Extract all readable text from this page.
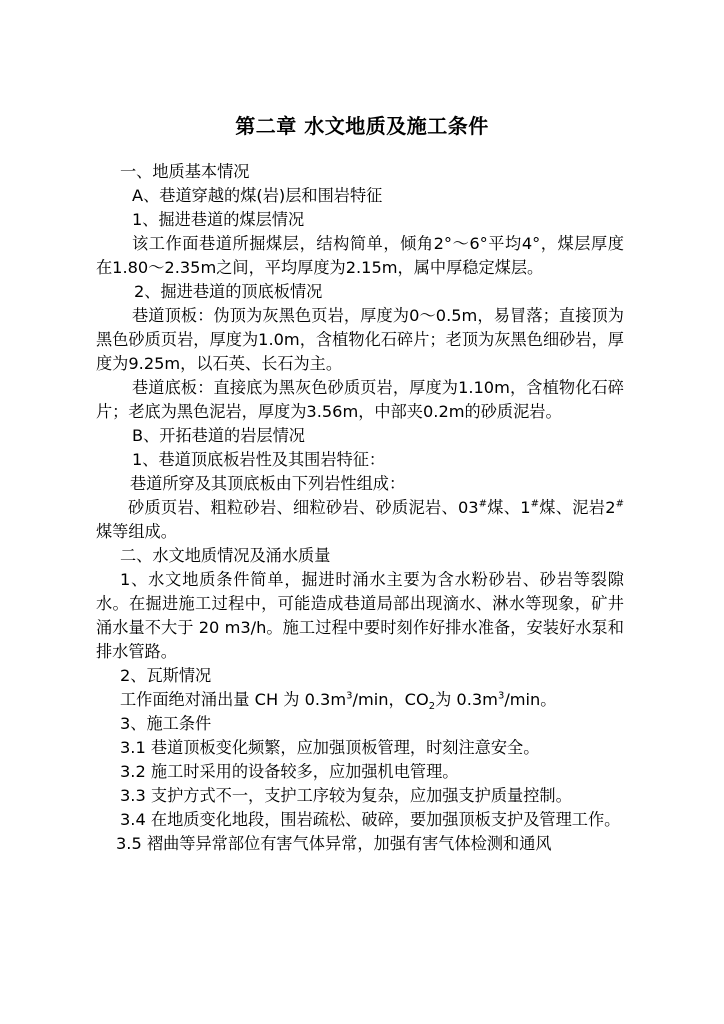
第二章 水文地质及施工条件

一、地质基本情况

A、巷道穿越的煤(岩)层和围岩特征

1、掘进巷道的煤层情况

该工作面巷道所掘煤层，结构简单，倾角2°～6°平均4°，煤层厚度在1.80～2.35m之间，平均厚度为2.15m，属中厚稳定煤层。

2、掘进巷道的顶底板情况

巷道顶板：伪顶为灰黑色页岩，厚度为0～0.5m，易冒落；直接顶为黑色砂质页岩，厚度为1.0m，含植物化石碎片；老顶为灰黑色细砂岩，厚度为9.25m，以石英、长石为主。

巷道底板：直接底为黑灰色砂质页岩，厚度为1.10m，含植物化石碎片；老底为黑色泥岩，厚度为3.56m，中部夹0.2m的砂质泥岩。

B、开拓巷道的岩层情况

1、巷道顶底板岩性及其围岩特征：

巷道所穿及其顶底板由下列岩性组成：

砂质页岩、粗粒砂岩、细粒砂岩、砂质泥岩、03#煤、1#煤、泥岩2#煤等组成。

二、水文地质情况及涌水质量

1、水文地质条件简单，掘进时涌水主要为含水粉砂岩、砂岩等裂隙水。在掘进施工过程中，可能造成巷道局部出现滴水、淋水等现象，矿井涌水量不大于 20 m3/h。施工过程中要时刻作好排水准备，安装好水泵和排水管路。

2、瓦斯情况

工作面绝对涌出量 CH 为 $0.3m^3/\min$，$CO_2$为 $0.3m^3/\min$。

3、施工条件

3.1 巷道顶板变化频繁，应加强顶板管理，时刻注意安全。

3.2 施工时采用的设备较多，应加强机电管理。

3.3 支护方式不一，支护工序较为复杂，应加强支护质量控制。

3.4 在地质变化地段，围岩疏松、破碎，要加强顶板支护及管理工作。

3.5 褶曲等异常部位有害气体异常，加强有害气体检测和通风
